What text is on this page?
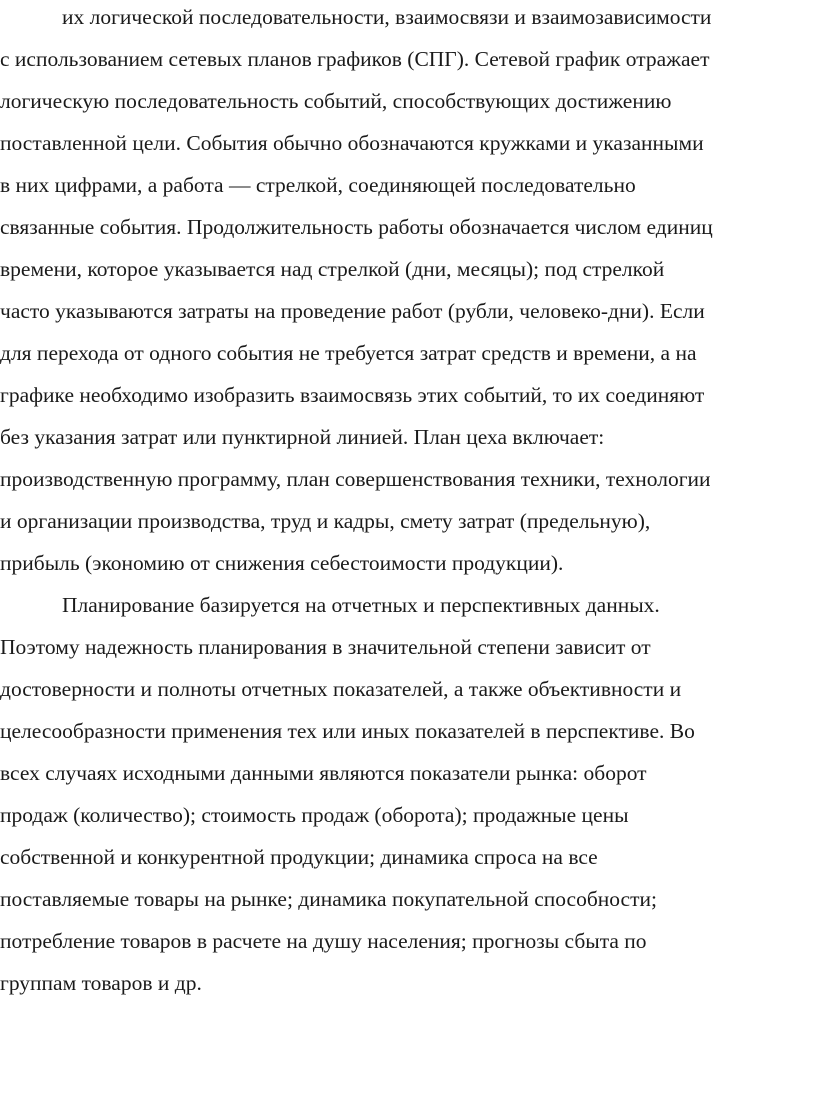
их логической последовательности, взаимосвязи и взаимозависимости
с использованием сетевых планов графиков (СПГ). Сетевой график отражает
логическую последовательность событий, способствующих достижению
поставленной цели. События обычно обозначаются кружками и указанными
в них цифрами, а работа — стрелкой, соединяющей последовательно
связанные события. Продолжительность работы обозначается числом единиц
времени, которое указывается над стрелкой (дни, месяцы); под стрелкой
часто указываются затраты на проведение работ (рубли, человеко-дни). Если
для перехода от одного события не требуется затрат средств и времени, а на
графике необходимо изобразить взаимосвязь этих событий, то их соединяют
без указания затрат или пунктирной линией. План цеха включает:
производственную программу, план совершенствования техники, технологии
и организации производства, труд и кадры, смету затрат (предельную),
прибыль (экономию от снижения себестоимости продукции).
Планирование базируется на отчетных и перспективных данных.
Поэтому надежность планирования в значительной степени зависит от
достоверности и полноты отчетных показателей, а также объективности и
целесообразности применения тех или иных показателей в перспективе. Во
всех случаях исходными данными являются показатели рынка: оборот
продаж (количество); стоимость продаж (оборота); продажные цены
собственной и конкурентной продукции; динамика спроса на все
поставляемые товары на рынке; динамика покупательной способности;
потребление товаров в расчете на душу населения; прогнозы сбыта по
группам товаров и др.
